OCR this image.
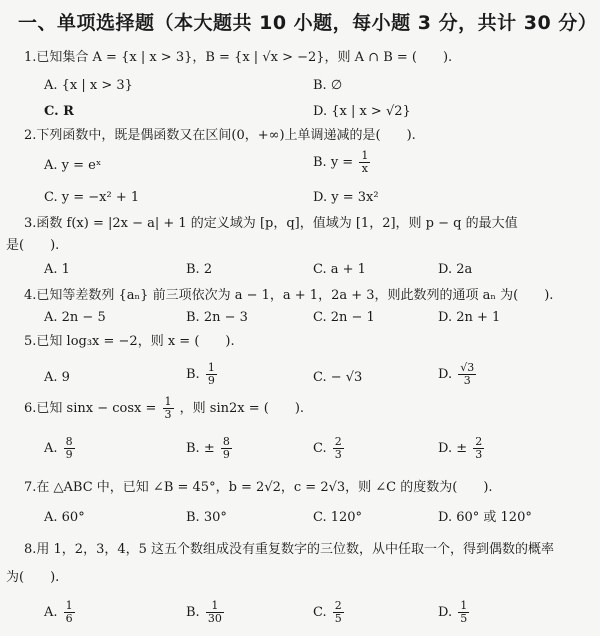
一、单项选择题（本大题共 10 小题，每小题 3 分，共计 30 分）
1.已知集合 A = {x | x > 3}，B = {x | √x > −2}，则 A ∩ B = (　　).
A. {x | x > 3}	B. ∅
C. R	D. {x | x > √2}
2.下列函数中，既是偶函数又在区间(0，+∞)上单调递减的是(　　).
A. y = eˣ	B. $y = \frac{1}{x}$
C. y = −x² + 1	D. y = 3x²
3.函数 f(x) = |2x − a| + 1 的定义域为 [p，q]，值域为 [1，2]，则 p − q 的最大值
是(　　).
A. 1	B. 2	C. a + 1	D. 2a
4.已知等差数列 {aₙ} 前三项依次为 a − 1，a + 1，2a + 3，则此数列的通项 aₙ 为(　　).
A. 2n − 5	B. 2n − 3	C. 2n − 1	D. 2n + 1
5.已知 log₃x = −2，则 x = (　　).
A. 9	B. $\frac{1}{9}$	C. − √3	D. $\frac{√3}{3}$
6.已知 $\sin x - \cos x = \frac{1}{3}$ ，则 sin2x = (　　).
A. $\frac{8}{9}$	B. ± $\frac{8}{9}$	C. $\frac{2}{3}$	D. ± $\frac{2}{3}$
7.在 △ABC 中，已知 ∠B = 45°，b = 2√2，c = 2√3，则 ∠C 的度数为(　　).
A. 60°	B. 30°	C. 120°	D. 60° 或 120°
8.用 1，2，3，4，5 这五个数组成没有重复数字的三位数，从中任取一个，得到偶数的概率
为(　　).
A. $\frac{1}{6}$	B. $\frac{1}{30}$	C. $\frac{2}{5}$	D. $\frac{1}{5}$
